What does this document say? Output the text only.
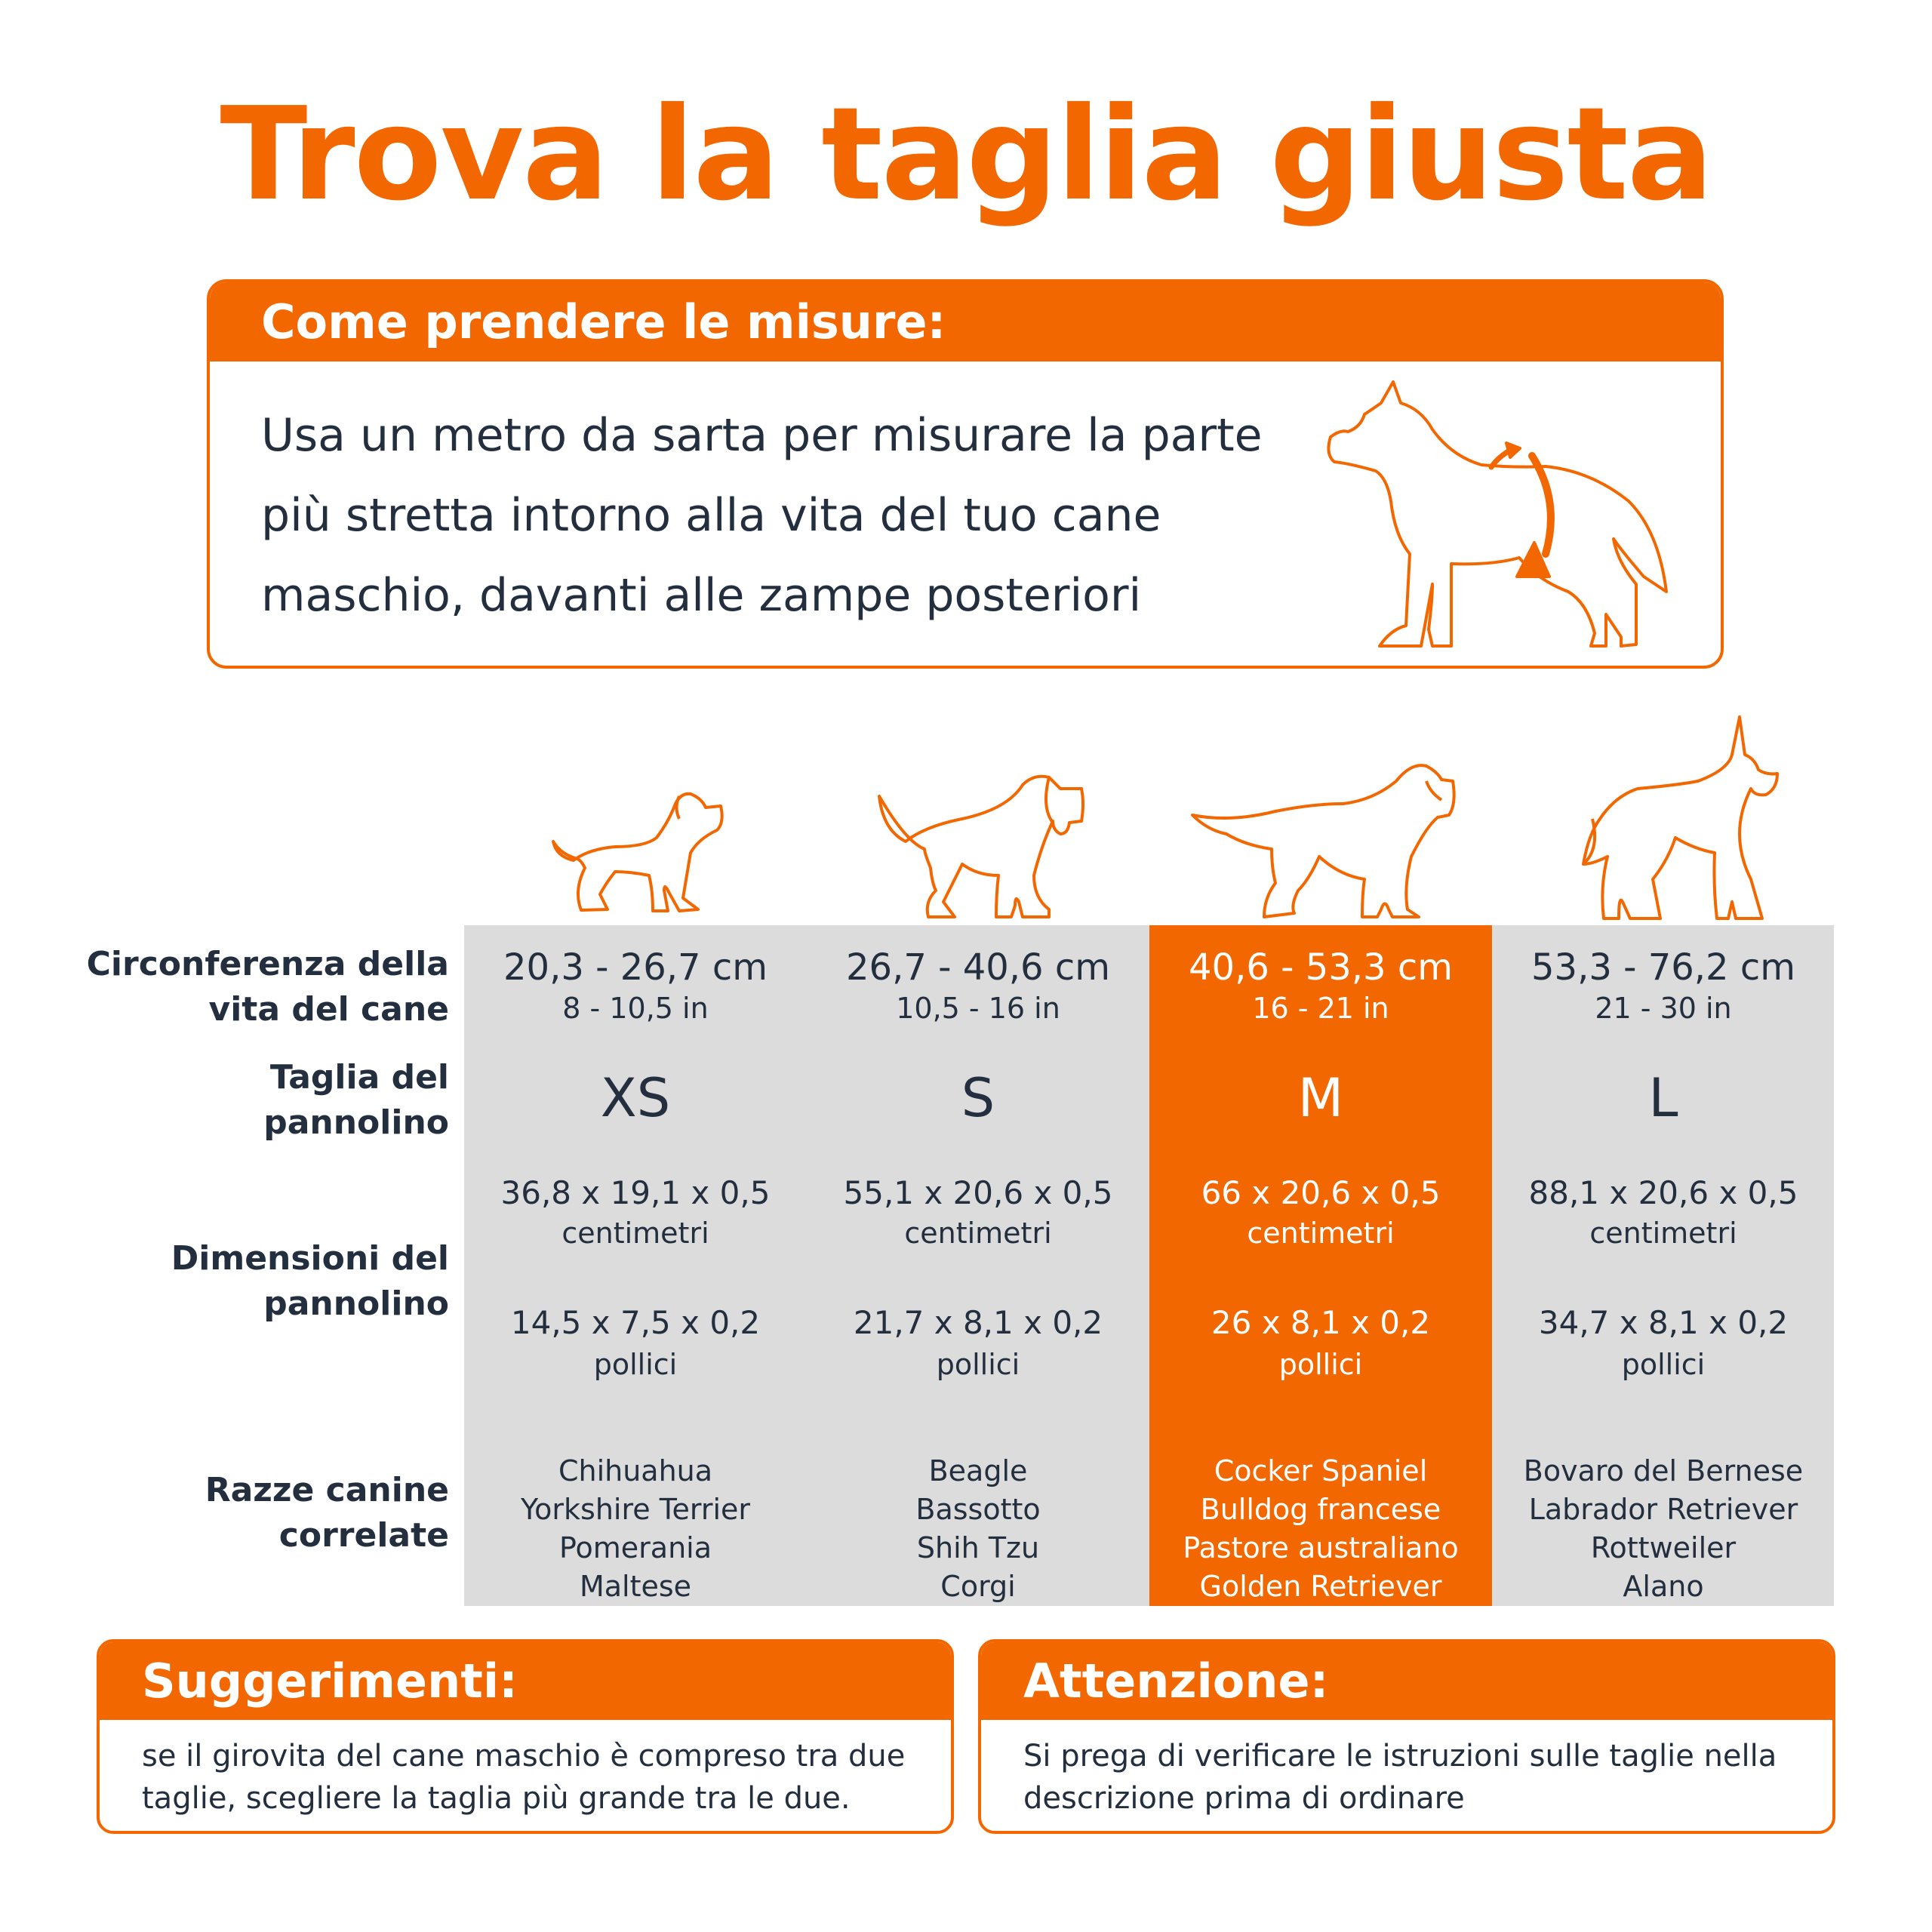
Trova la taglia giusta
Come prendere le misure:
Usa un metro da sarta per misurare la parte
più stretta intorno alla vita del tuo cane
maschio, davanti alle zampe posteriori
Circonferenza della
vita del cane
Taglia del
pannolino
Dimensioni del
pannolino
Razze canine
correlate
20,3 - 26,7 cm
8 - 10,5 in
XS
36,8 x 19,1 x 0,5
centimetri
14,5 x 7,5 x 0,2
pollici
Chihuahua
Yorkshire Terrier
Pomerania
Maltese
26,7 - 40,6 cm
10,5 - 16 in
S
55,1 x 20,6 x 0,5
centimetri
21,7 x 8,1 x 0,2
pollici
Beagle
Bassotto
Shih Tzu
Corgi
40,6 - 53,3 cm
16 - 21 in
M
66 x 20,6 x 0,5
centimetri
26 x 8,1 x 0,2
pollici
Cocker Spaniel
Bulldog francese
Pastore australiano
Golden Retriever
53,3 - 76,2 cm
21 - 30 in
L
88,1 x 20,6 x 0,5
centimetri
34,7 x 8,1 x 0,2
pollici
Bovaro del Bernese
Labrador Retriever
Rottweiler
Alano
Suggerimenti:
se il girovita del cane maschio è compreso tra due
taglie, scegliere la taglia più grande tra le due.
Attenzione:
Si prega di verificare le istruzioni sulle taglie nella
descrizione prima di ordinare
